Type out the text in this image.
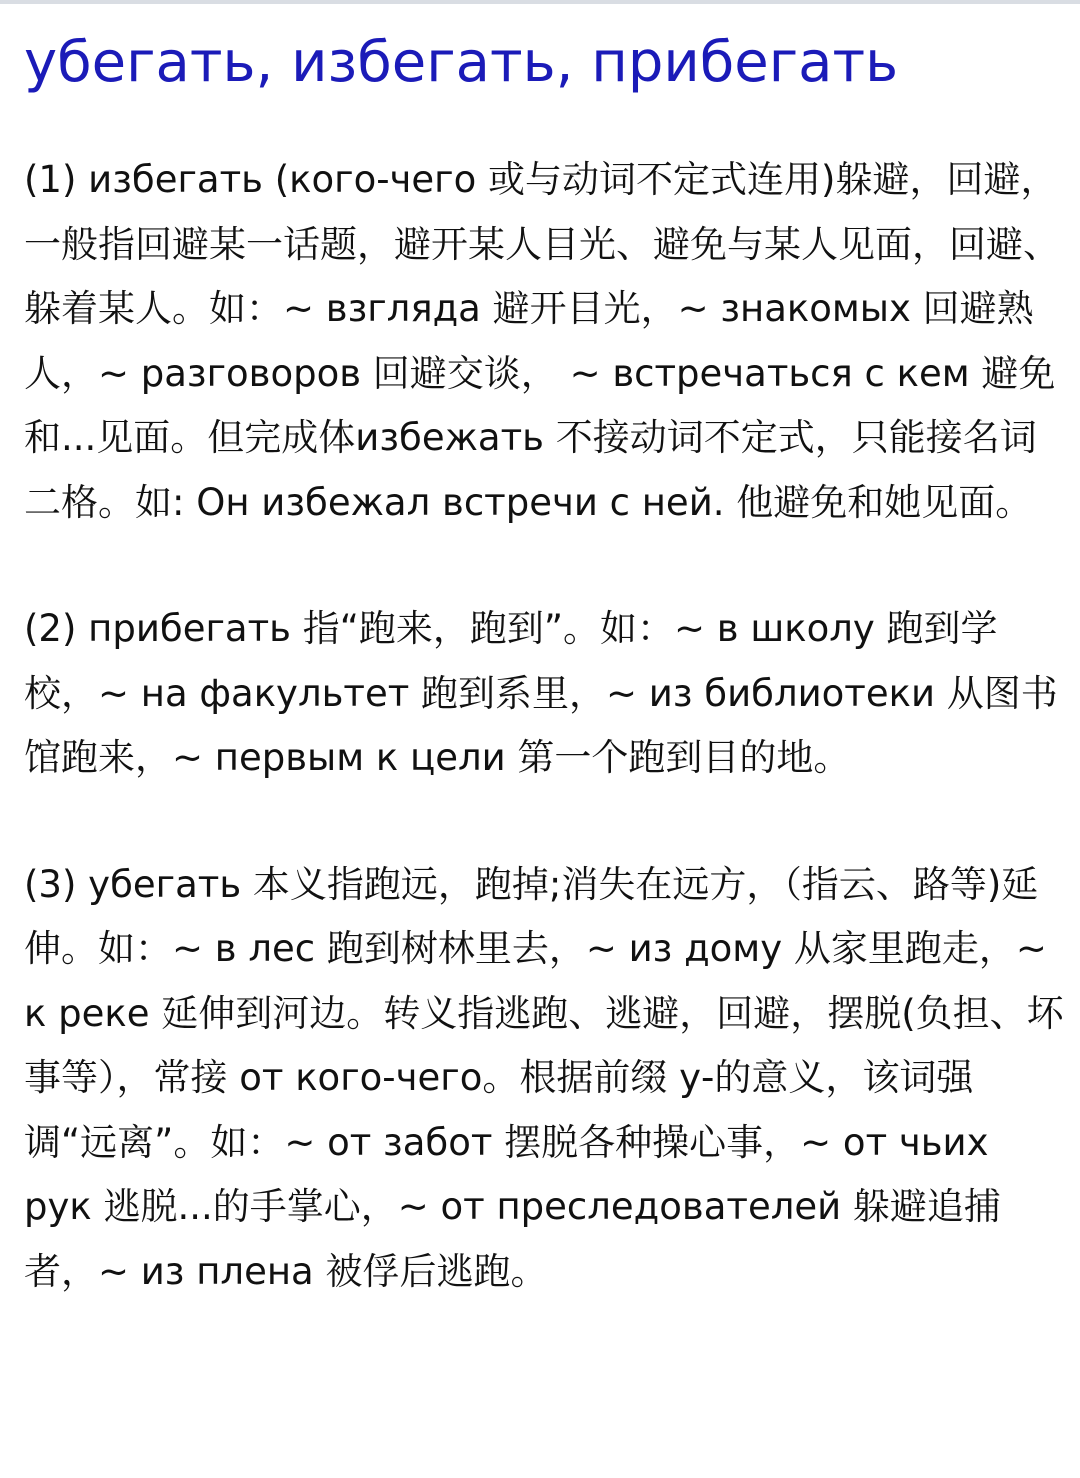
убегать, избегать, прибегать

(1) избегать (кого-чего 或与动词不定式连用)躲避，回避，一般指回避某一话题，避开某人目光、避免与某人见面，回避、躲着某人。如：~ взгляда 避开目光，~ знакомых 回避熟人，~ разговоров 回避交谈， ~ встречаться с кем 避免和...见面。但完成体избежать 不接动词不定式，只能接名词二格。如: Он избежал встречи с ней. 他避免和她见面。

(2) прибегать 指“跑来，跑到”。如：~ в школу 跑到学校，~ на факультет 跑到系里，~ из библиотеки 从图书馆跑来，~ первым к цели 第一个跑到目的地。

(3) убегать 本义指跑远，跑掉;消失在远方，（指云、路等)延伸。如：~ в лес 跑到树林里去，~ из дому 从家里跑走，~ к реке 延伸到河边。转义指逃跑、逃避，回避，摆脱(负担、坏事等），常接 от кого-чего。根据前缀 у-的意义，该词强调“远离”。如：~ от забот 摆脱各种操心事，~ от чьих рук 逃脱...的手掌心，~ от преследователей 躲避追捕者，~ из плена 被俘后逃跑。
